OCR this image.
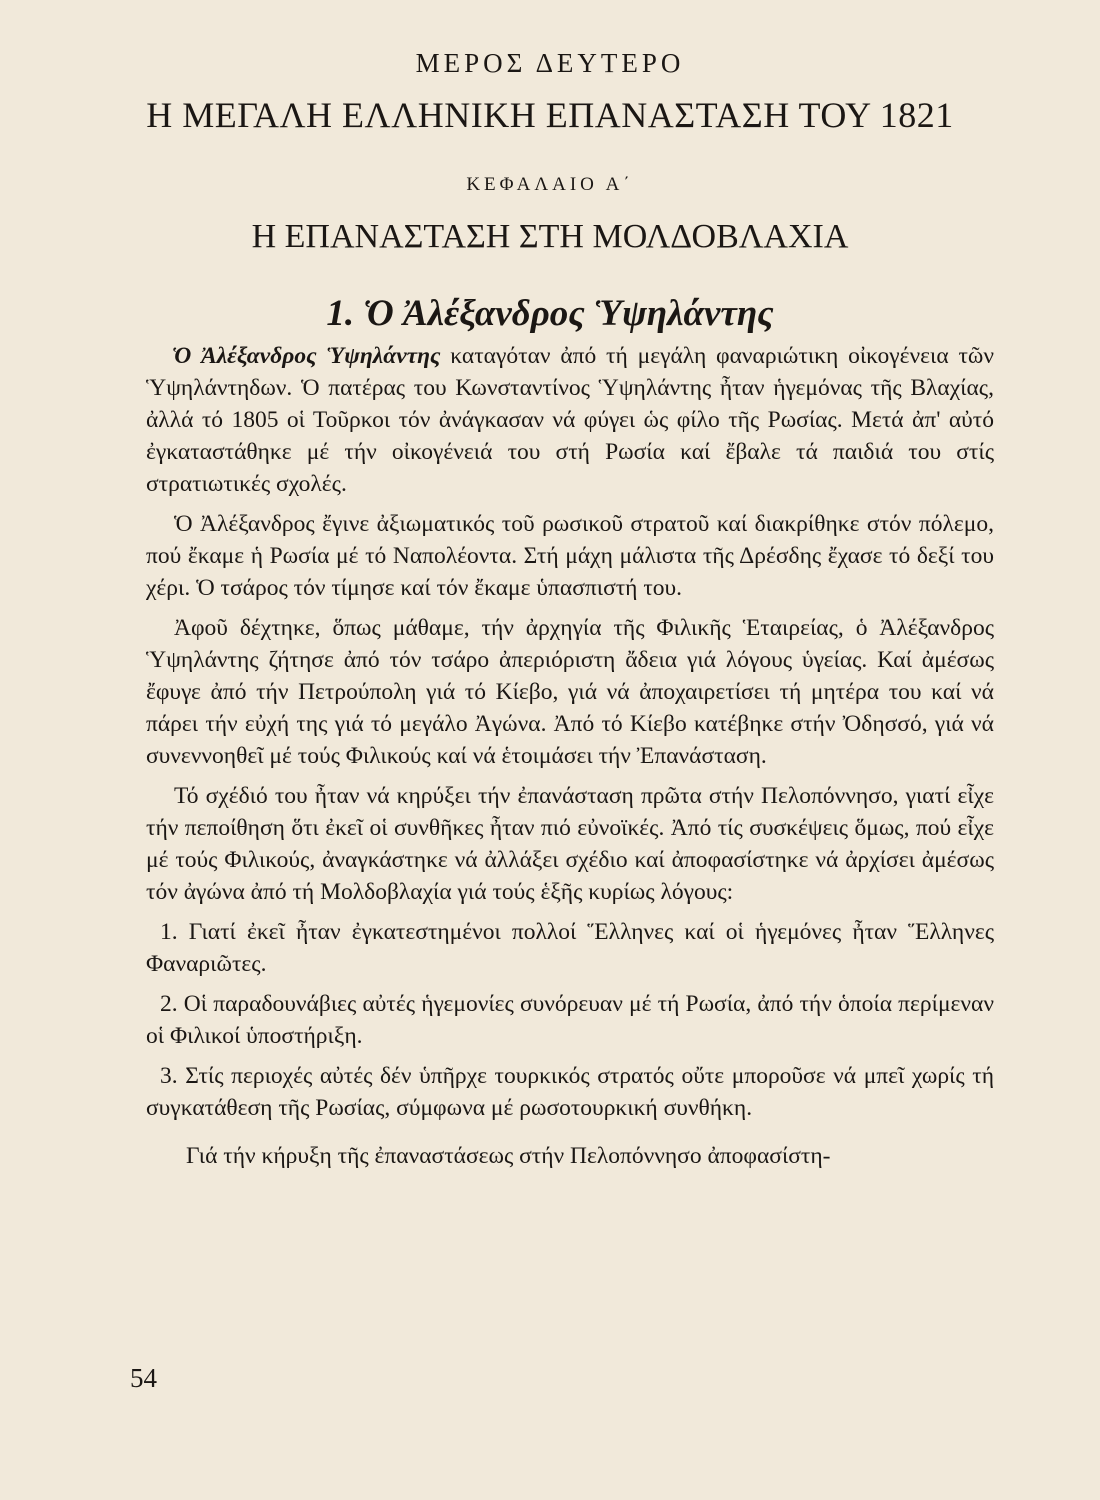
ΜΕΡΟΣ ΔΕΥΤΕΡΟ
Η ΜΕΓΑΛΗ ΕΛΛΗΝΙΚΗ ΕΠΑΝΑΣΤΑΣΗ ΤΟΥ 1821
ΚΕΦΑΛΑΙΟ Α΄
Η ΕΠΑΝΑΣΤΑΣΗ ΣΤΗ ΜΟΛΔΟΒΛΑΧΙΑ
1. Ὁ Ἀλέξανδρος Ὑψηλάντης

Ὁ Ἀλέξανδρος Ὑψηλάντης καταγόταν ἀπό τή μεγάλη φαναριώτικη οἰκογένεια τῶν Ὑψηλάντηδων. Ὁ πατέρας του Κωνσταντίνος Ὑψηλάντης ἦταν ἡγεμόνας τῆς Βλαχίας, ἀλλά τό 1805 οἱ Τοῦρκοι τόν ἀνάγκασαν νά φύγει ὡς φίλο τῆς Ρωσίας. Μετά ἀπ' αὐτό ἐγκαταστάθηκε μέ τήν οἰκογένειά του στή Ρωσία καί ἔβαλε τά παιδιά του στίς στρατιωτικές σχολές.

Ὁ Ἀλέξανδρος ἔγινε ἀξιωματικός τοῦ ρωσικοῦ στρατοῦ καί διακρίθηκε στόν πόλεμο, πού ἔκαμε ἡ Ρωσία μέ τό Ναπολέοντα. Στή μάχη μάλιστα τῆς Δρέσδης ἔχασε τό δεξί του χέρι. Ὁ τσάρος τόν τίμησε καί τόν ἔκαμε ὑπασπιστή του.

Ἀφοῦ δέχτηκε, ὅπως μάθαμε, τήν ἀρχηγία τῆς Φιλικῆς Ἑταιρείας, ὁ Ἀλέξανδρος Ὑψηλάντης ζήτησε ἀπό τόν τσάρο ἀπεριόριστη ἄδεια γιά λόγους ὑγείας. Καί ἀμέσως ἔφυγε ἀπό τήν Πετρούπολη γιά τό Κίεβο, γιά νά ἀποχαιρετίσει τή μητέρα του καί νά πάρει τήν εὐχή της γιά τό μεγάλο Ἀγώνα. Ἀπό τό Κίεβο κατέβηκε στήν Ὀδησσό, γιά νά συνεννοηθεῖ μέ τούς Φιλικούς καί νά ἑτοιμάσει τήν Ἐπανάσταση.

Τό σχέδιό του ἦταν νά κηρύξει τήν ἐπανάσταση πρῶτα στήν Πελοπόννησο, γιατί εἶχε τήν πεποίθηση ὅτι ἐκεῖ οἱ συνθῆκες ἦταν πιό εὐνοϊκές. Ἀπό τίς συσκέψεις ὅμως, πού εἶχε μέ τούς Φιλικούς, ἀναγκάστηκε νά ἀλλάξει σχέδιο καί ἀποφασίστηκε νά ἀρχίσει ἀμέσως τόν ἀγώνα ἀπό τή Μολδοβλαχία γιά τούς ἑξῆς κυρίως λόγους:

1. Γιατί ἐκεῖ ἦταν ἐγκατεστημένοι πολλοί Ἕλληνες καί οἱ ἡγεμόνες ἦταν Ἕλληνες Φαναριῶτες.

2. Οἱ παραδουνάβιες αὐτές ἡγεμονίες συνόρευαν μέ τή Ρωσία, ἀπό τήν ὁποία περίμεναν οἱ Φιλικοί ὑποστήριξη.

3. Στίς περιοχές αὐτές δέν ὑπῆρχε τουρκικός στρατός οὔτε μποροῦσε νά μπεῖ χωρίς τή συγκατάθεση τῆς Ρωσίας, σύμφωνα μέ ρωσοτουρκική συνθήκη.

Γιά τήν κήρυξη τῆς ἐπαναστάσεως στήν Πελοπόννησο ἀποφασίστη-

54
